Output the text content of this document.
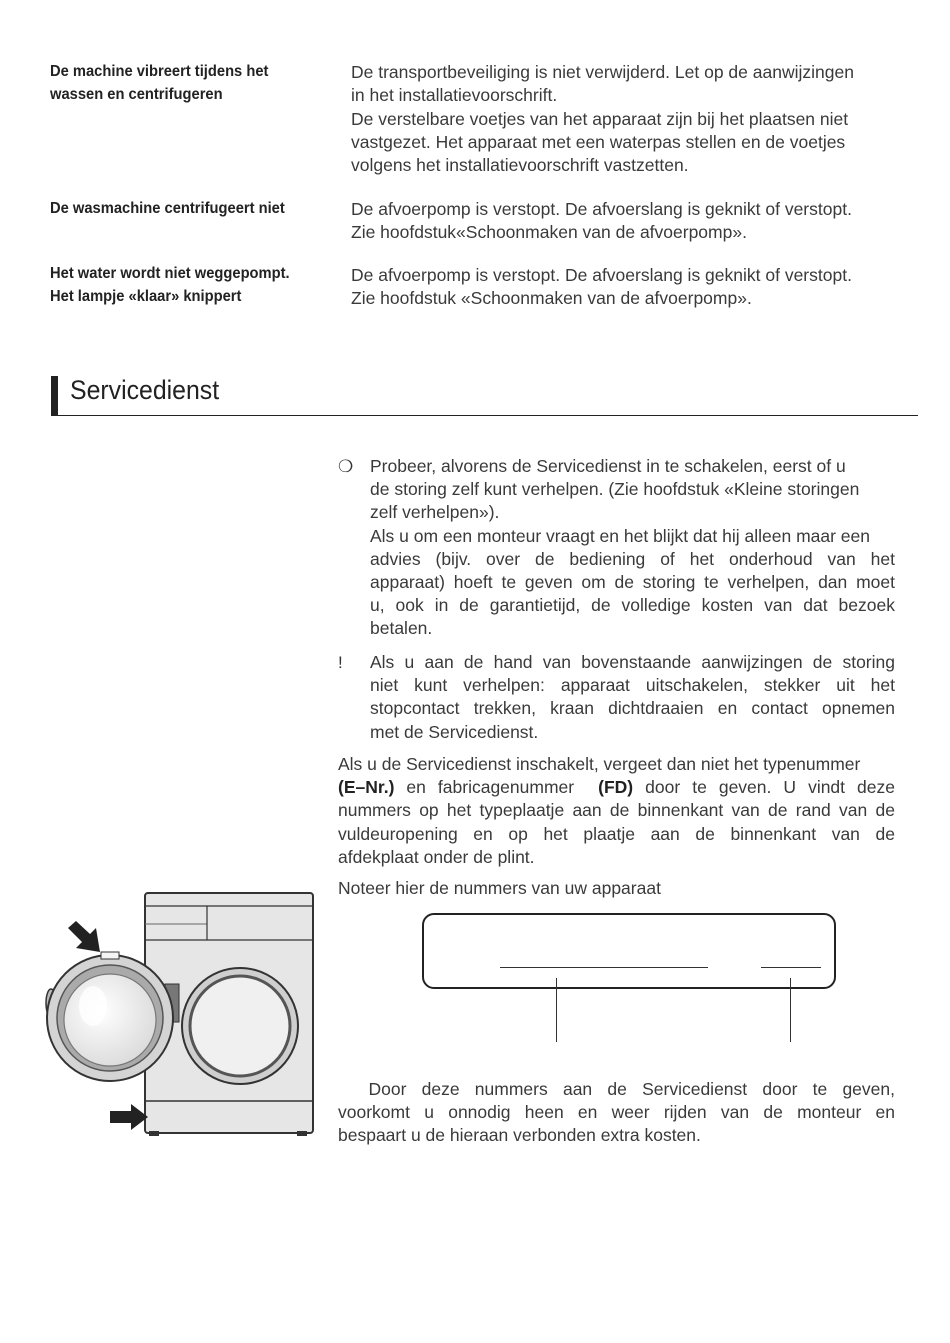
De machine vibreert tijdens het
wassen en centrifugeren
De transportbeveiliging is niet verwijderd. Let op de aanwijzingen
in het installatievoorschrift.
De verstelbare voetjes van het apparaat zijn bij het plaatsen niet
vastgezet. Het apparaat met een waterpas stellen en de voetjes
volgens het installatievoorschrift vastzetten.
De wasmachine centrifugeert niet	De afvoerpomp is verstopt. De afvoerslang is geknikt of verstopt.
Zie hoofdstuk«Schoonmaken van de afvoerpomp».
Het water wordt niet weggepompt.
Het lampje «klaar» knippert
De afvoerpomp is verstopt. De afvoerslang is geknikt of verstopt.
Zie hoofdstuk «Schoonmaken van de afvoerpomp».
Servicedienst
❍ Probeer, alvorens de Servicedienst in te schakelen, eerst of u
de storing zelf kunt verhelpen. (Zie hoofdstuk «Kleine storingen
zelf verhelpen»).
Als u om een monteur vraagt en het blijkt dat hij alleen maar een
advies (bijv. over de bediening of het onderhoud van het
apparaat) hoeft te geven om de storing te verhelpen, dan moet
u, ook in de garantietijd, de volledige kosten van dat bezoek
betalen.
! Als u aan de hand van bovenstaande aanwijzingen de storing
niet kunt verhelpen: apparaat uitschakelen, stekker uit het
stopcontact trekken, kraan dichtdraaien en contact opnemen
met de Servicedienst.
Als u de Servicedienst inschakelt, vergeet dan niet het typenummer
(E–Nr.) en fabricagenummer  (FD) door te geven. U vindt deze
nummers op het typeplaatje aan de binnenkant van de rand van de
vuldeuropening en op het plaatje aan de binnenkant van de
afdekplaat onder de plint.
Noteer hier de nummers van uw apparaat
Door deze nummers aan de Servicedienst door te geven,
voorkomt u onnodig heen en weer rijden van de monteur en
bespaart u de hieraan verbonden extra kosten.
